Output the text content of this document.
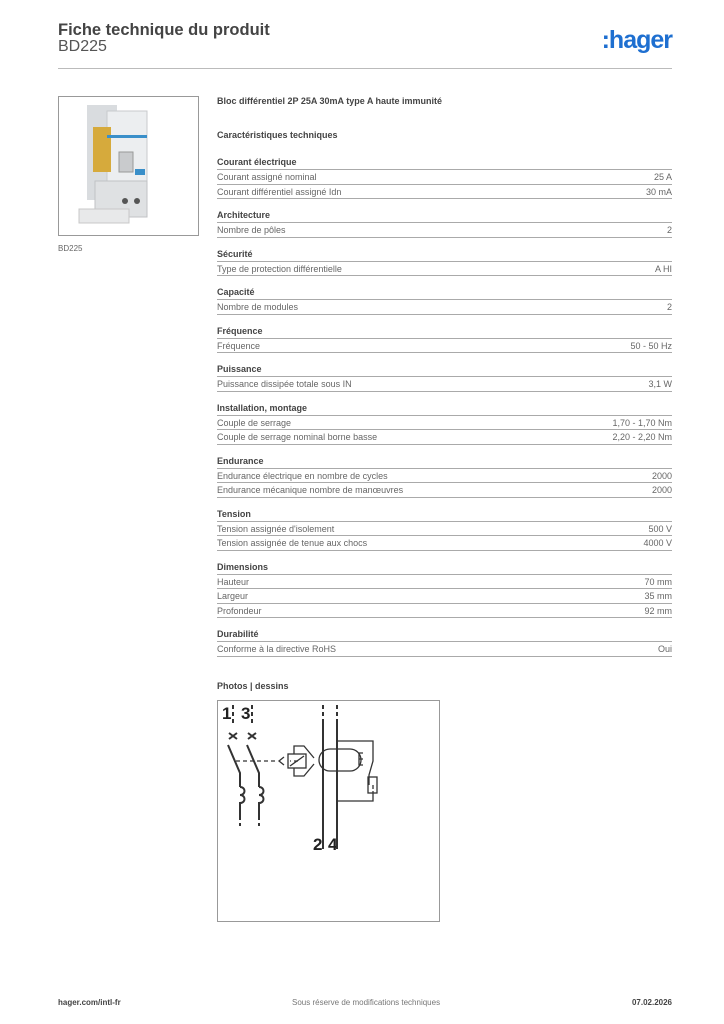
Fiche technique du produit
BD225	:hager
BD225
Bloc différentiel 2P 25A 30mA type A haute immunité
Caractéristiques techniques
Courant électrique
Courant assigné nominal	25 A
Courant différentiel assigné Idn	30 mA
Architecture
Nombre de pôles	2
Sécurité
Type de protection différentielle	A HI
Capacité
Nombre de modules	2
Fréquence
Fréquence	50 - 50 Hz
Puissance
Puissance dissipée totale sous IN	3,1 W
Installation, montage
Couple de serrage	1,70 - 1,70 Nm
Couple de serrage nominal borne basse	2,20 - 2,20 Nm
Endurance
Endurance électrique en nombre de cycles	2000
Endurance mécanique nombre de manœuvres	2000
Tension
Tension assignée d'isolement	500 V
Tension assignée de tenue aux chocs	4000 V
Dimensions
Hauteur	70 mm
Largeur	35 mm
Profondeur	92 mm
Durabilité
Conforme à la directive RoHS	Oui
Photos | dessins
1 3
2 4
hager.com/intl-fr	Sous réserve de modifications techniques	07.02.2026
